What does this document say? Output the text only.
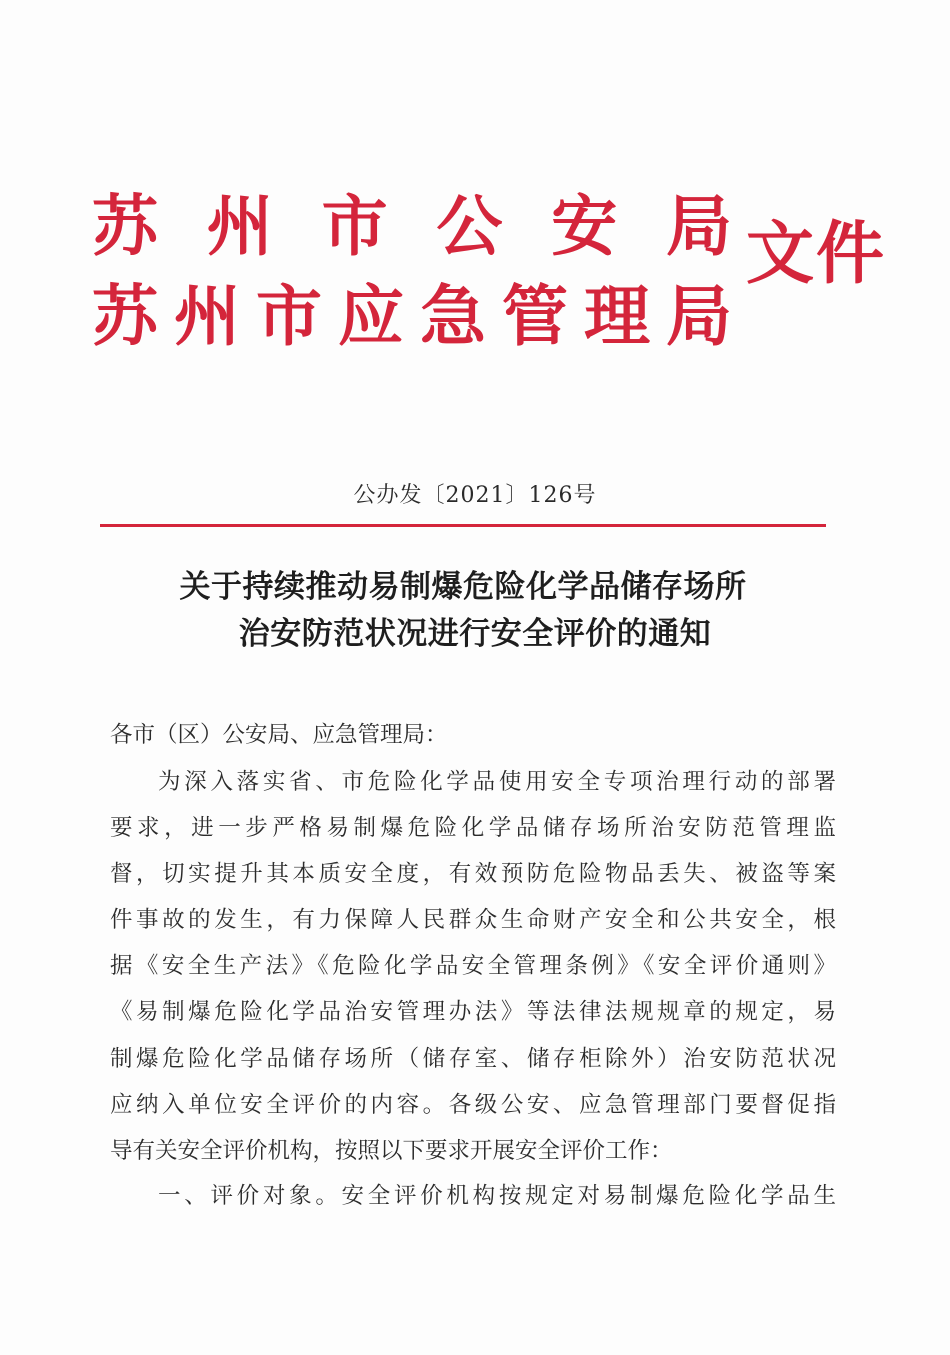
苏 州 市 公 安 局
苏 州 市 应 急 管 理 局
文件
公办发〔2021〕126号
关于持续推动易制爆危险化学品储存场所
治安防范状况进行安全评价的通知
各市（区）公安局、应急管理局：
为深入落实省、市危险化学品使用安全专项治理行动的部署
要求，进一步严格易制爆危险化学品储存场所治安防范管理监
督，切实提升其本质安全度，有效预防危险物品丢失、被盗等案
件事故的发生，有力保障人民群众生命财产安全和公共安全，根
据《安全生产法》《危险化学品安全管理条例》《安全评价通则》
《易制爆危险化学品治安管理办法》等法律法规规章的规定，易
制爆危险化学品储存场所（储存室、储存柜除外）治安防范状况
应纳入单位安全评价的内容。各级公安、应急管理部门要督促指
导有关安全评价机构，按照以下要求开展安全评价工作：
一、评价对象。安全评价机构按规定对易制爆危险化学品生
